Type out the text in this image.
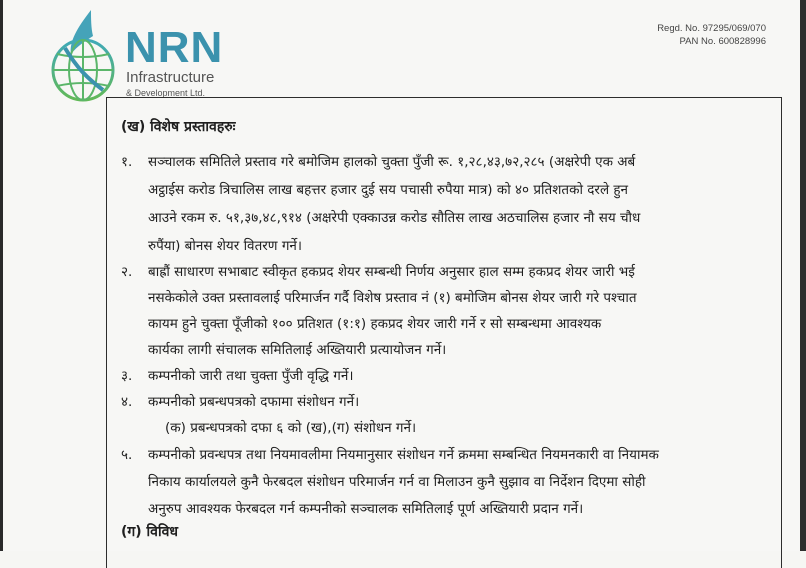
NRN
Infrastructure
& Development Ltd.
Regd. No. 97295/069/070
PAN No. 600828996
(ख) विशेष प्रस्तावहरुः
१. सञ्चालक समितिले प्रस्ताव गरे बमोजिम हालको चुक्ता पुँजी रू. १,२८,४३,७२,२८५ (अक्षरेपी एक अर्ब
अट्ठाईस करोड त्रिचालिस लाख बहत्तर हजार दुई सय पचासी रुपैया मात्र) को ४० प्रतिशतको दरले हुन
आउने रकम रु. ५१,३७,४८,९१४ (अक्षरेपी एक्काउन्न करोड सौतिस लाख अठचालिस हजार नौ सय चौध
रुपैंया) बोनस शेयर वितरण गर्ने।
२. बाह्रौं साधारण सभाबाट स्वीकृत हकप्रद शेयर सम्बन्धी निर्णय अनुसार हाल सम्म हकप्रद शेयर जारी भई
नसकेकोले उक्त प्रस्तावलाई परिमार्जन गर्दै विशेष प्रस्ताव नं (१) बमोजिम बोनस शेयर जारी गरे पश्चात
कायम हुने चुक्ता पूँजीको १०० प्रतिशत (१:१) हकप्रद शेयर जारी गर्ने र सो सम्बन्धमा आवश्यक
कार्यका लागी संचालक समितिलाई अख्तियारी प्रत्यायोजन गर्ने।
३. कम्पनीको जारी तथा चुक्ता पुँजी वृद्धि गर्ने।
४. कम्पनीको प्रबन्धपत्रको दफामा संशोधन गर्ने।
(क) प्रबन्धपत्रको दफा ६ को (ख),(ग) संशोधन गर्ने।
५. कम्पनीको प्रवन्धपत्र तथा नियमावलीमा नियमानुसार संशोधन गर्ने क्रममा सम्बन्धित नियमनकारी वा नियामक
निकाय कार्यालयले कुनै फेरबदल संशोधन परिमार्जन गर्न वा मिलाउन कुनै सुझाव वा निर्देशन दिएमा सोही
अनुरुप आवश्यक फेरबदल गर्न कम्पनीको सञ्चालक समितिलाई पूर्ण अख्तियारी प्रदान गर्ने।
(ग) विविध
